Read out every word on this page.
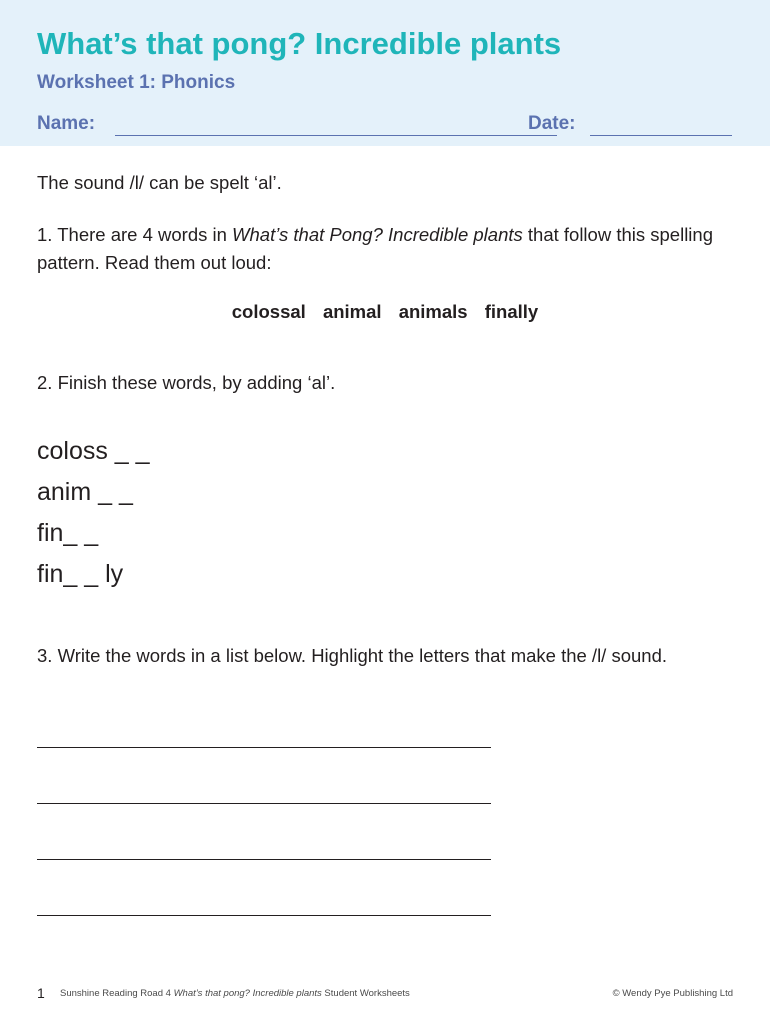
What’s that pong? Incredible plants
Worksheet 1: Phonics
Name:	Date:
The sound /l/ can be spelt ‘al’.
1. There are 4 words in What’s that Pong? Incredible plants that follow this spelling pattern. Read them out loud:
colossal animal animals finally
2. Finish these words, by adding ‘al’.
coloss _ _
anim _ _
fin_ _
fin_ _ ly
3. Write the words in a list below. Highlight the letters that make the /l/ sound.
1 Sunshine Reading Road 4 What’s that pong? Incredible plants Student Worksheets	© Wendy Pye Publishing Ltd
